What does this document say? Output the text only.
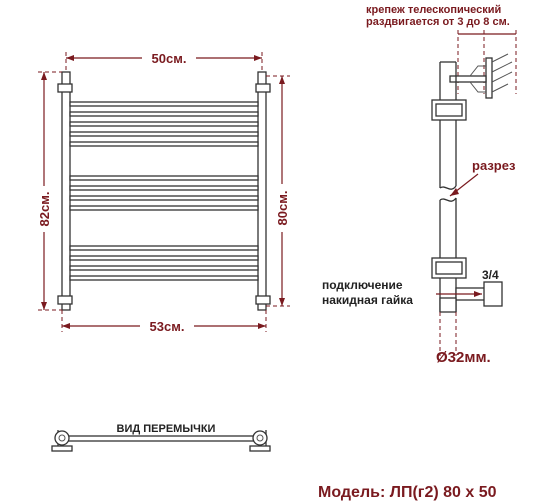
50см.
53см.
82см.	80см.
крепеж телескопический
раздвигается от 3 до 8 см.
разрез
3/4
подключение
накидная гайка
Ø32мм.
ВИД ПЕРЕМЫЧКИ
Модель: ЛП(г2) 80 х 50
